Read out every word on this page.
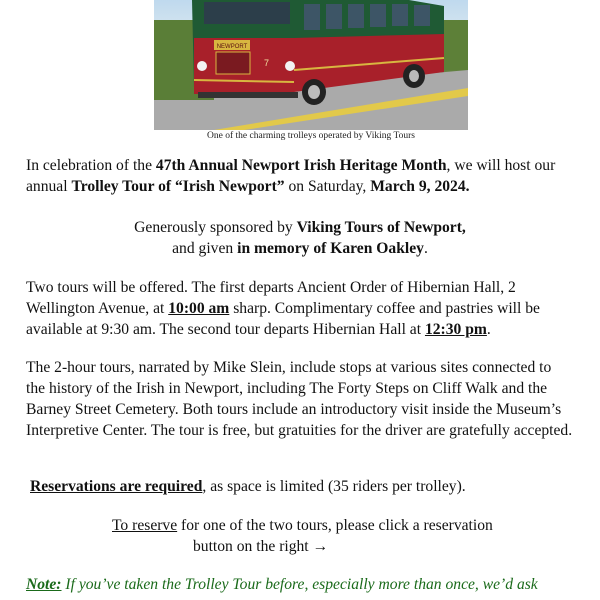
NEWPORT
7
One of the charming trolleys operated by Viking Tours
In celebration of the 47th Annual Newport Irish Heritage Month, we will host our annual Trolley Tour of “Irish Newport” on Saturday, March 9, 2024.
Generously sponsored by Viking Tours of Newport,
and given in memory of Karen Oakley.
Two tours will be offered. The first departs Ancient Order of Hibernian Hall, 2 Wellington Avenue, at 10:00 am sharp. Complimentary coffee and pastries will be available at 9:30 am. The second tour departs Hibernian Hall at 12:30 pm.
The 2-hour tours, narrated by Mike Slein, include stops at various sites connected to the history of the Irish in Newport, including The Forty Steps on Cliff Walk and the Barney Street Cemetery. Both tours include an introductory visit inside the Museum’s Interpretive Center. The tour is free, but gratuities for the driver are gratefully accepted.
Reservations are required, as space is limited (35 riders per trolley).
To reserve for one of the two tours, please click a reservation
button on the right →
Note: If you’ve taken the Trolley Tour before, especially more than once, we’d ask
